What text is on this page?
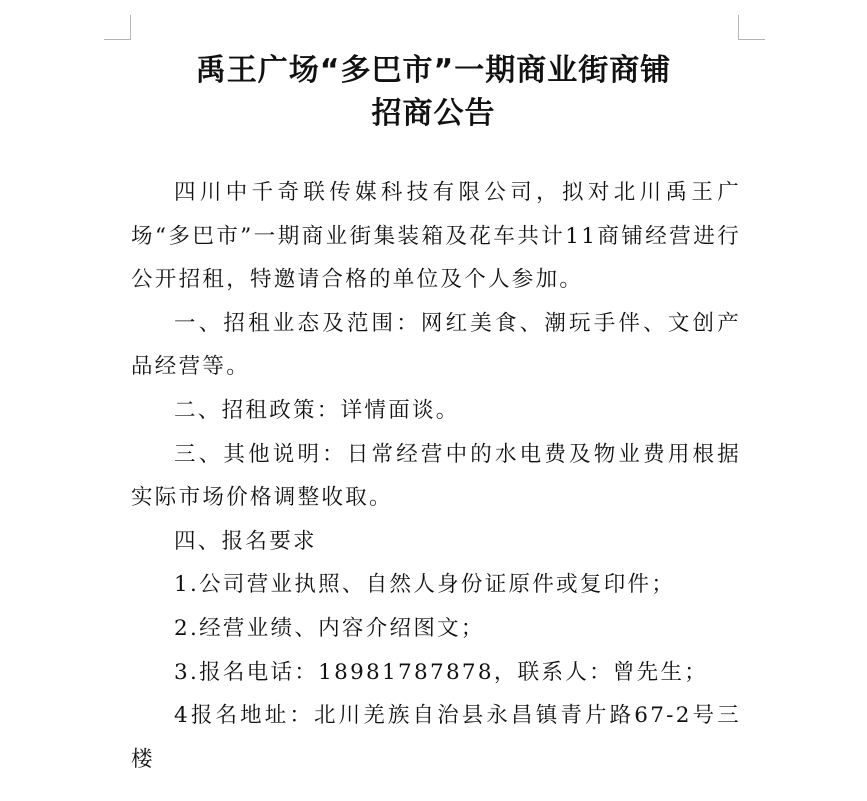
禹王广场“多巴市”一期商业街商铺
招商公告

四川中千奇联传媒科技有限公司，拟对北川禹王广场“多巴市”一期商业街集装箱及花车共计11商铺经营进行公开招租，特邀请合格的单位及个人参加。

一、招租业态及范围：网红美食、潮玩手伴、文创产品经营等。

二、招租政策：详情面谈。

三、其他说明：日常经营中的水电费及物业费用根据实际市场价格调整收取。

四、报名要求

1.公司营业执照、自然人身份证原件或复印件；

2.经营业绩、内容介绍图文；

3.报名电话：18981787878，联系人：曾先生；

4报名地址：北川羌族自治县永昌镇青片路67-2号三楼
